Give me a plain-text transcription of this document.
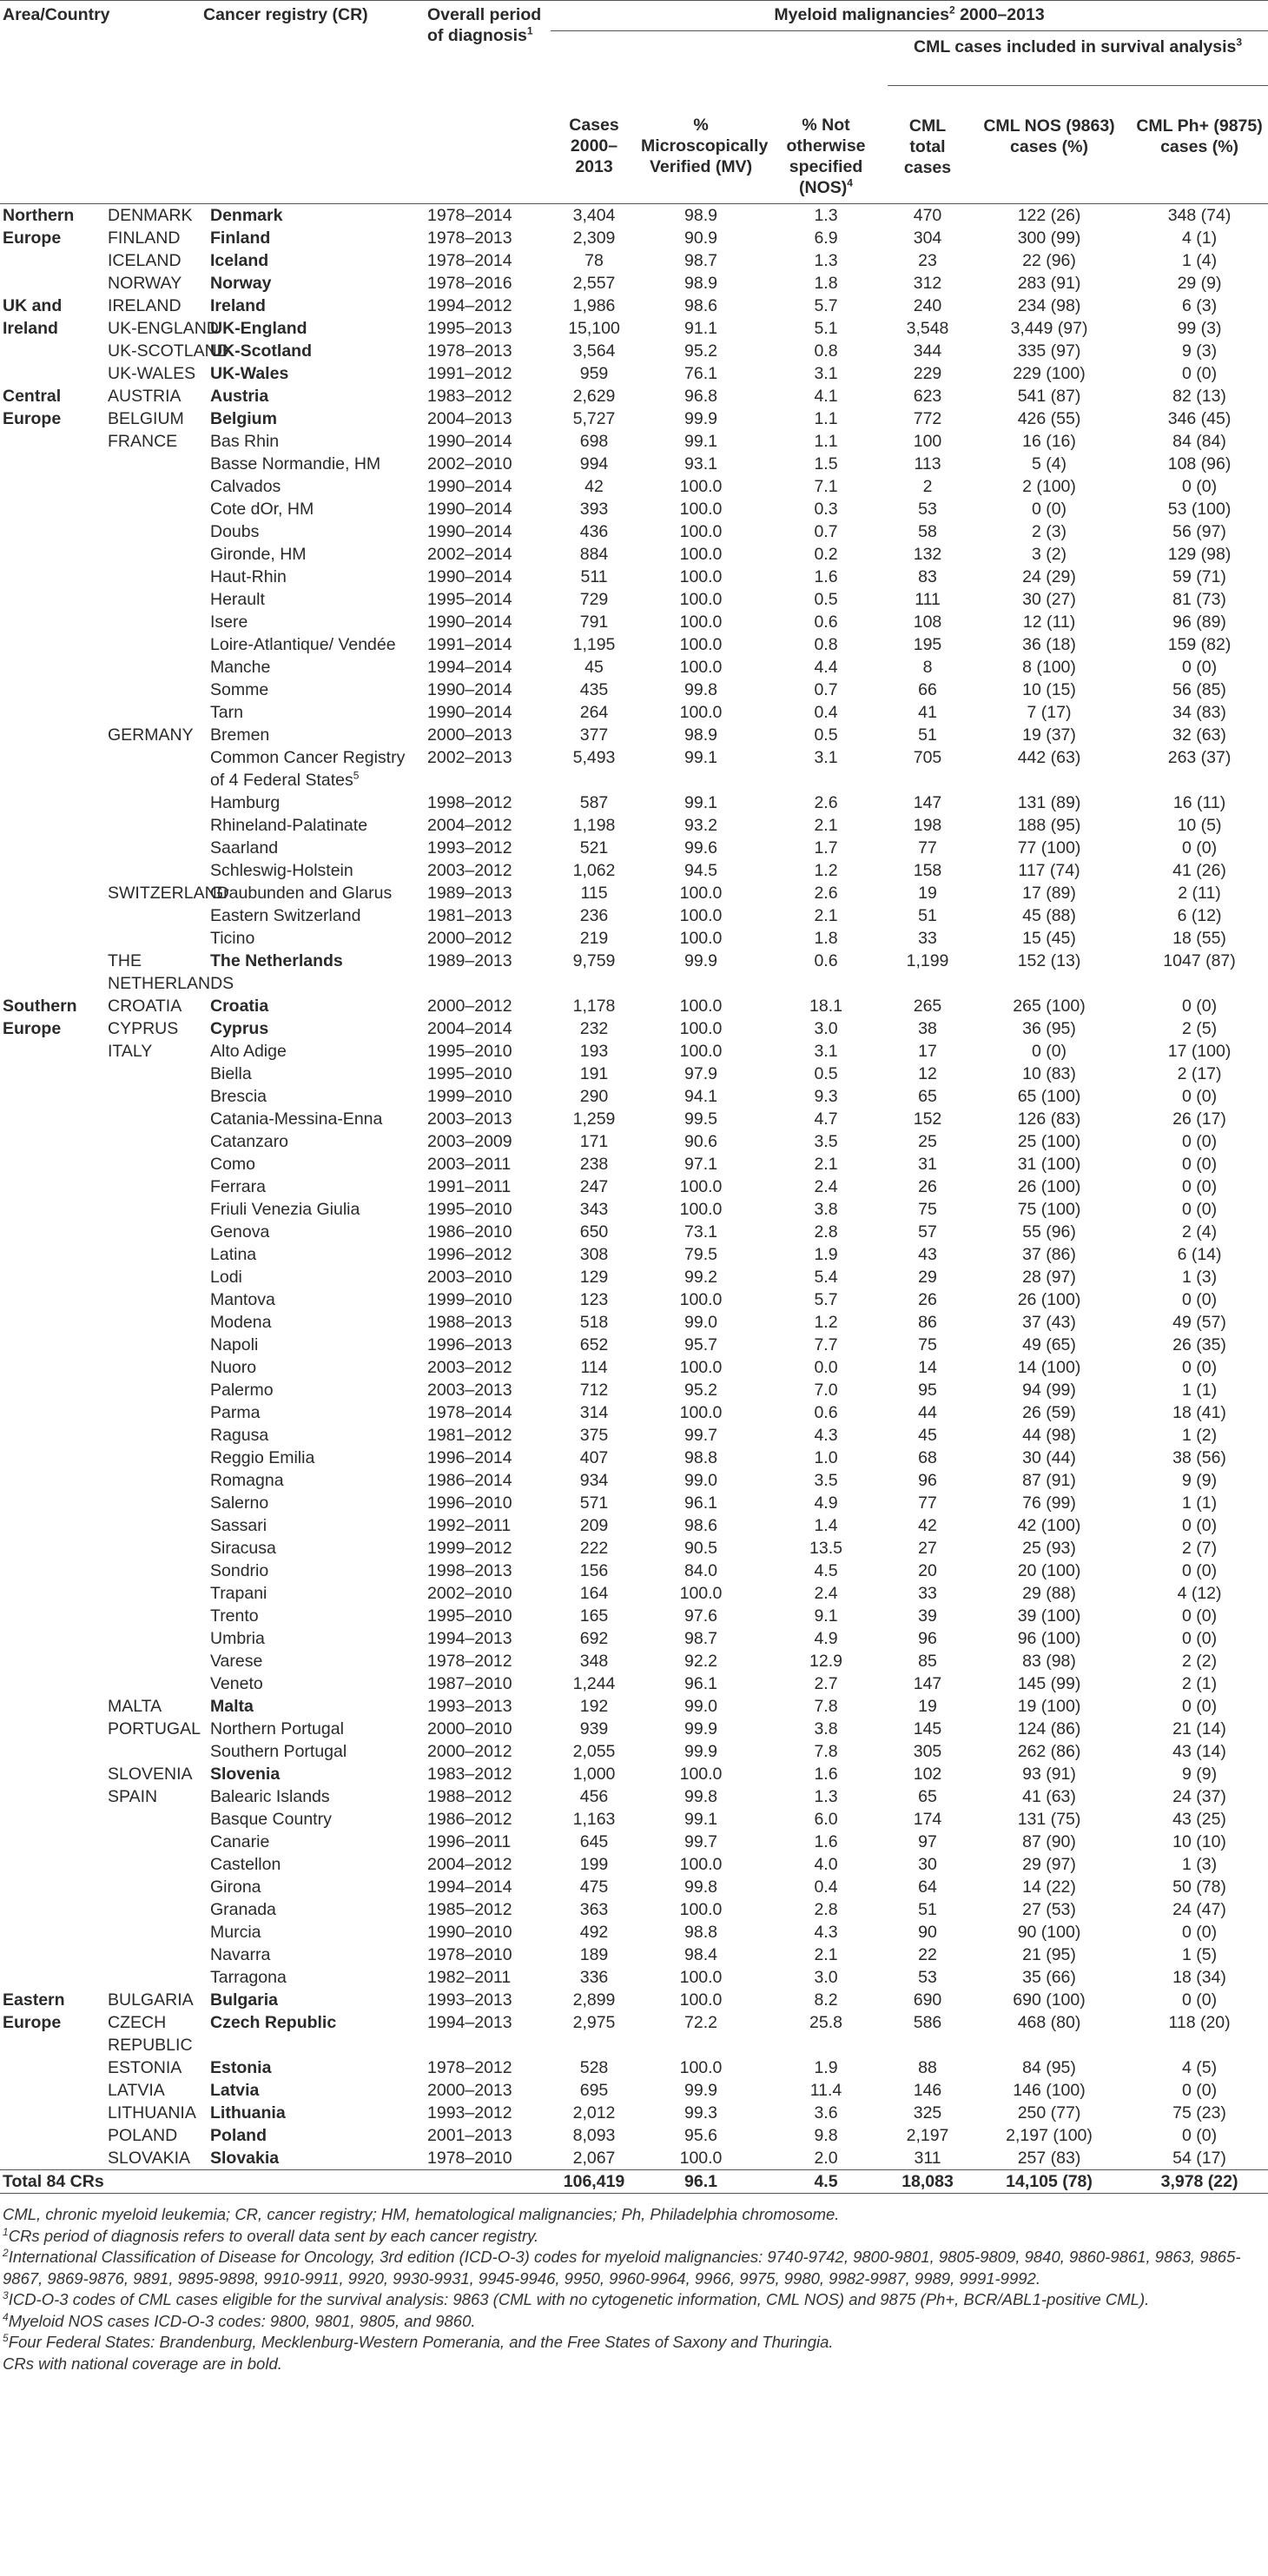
Area/Country	Cancer registry (CR)		Overall period of diagnosis$^1$	Myeloid malignancies$^2$ 2000–2013					
							CML cases included in survival analysis$^3$
				Cases 2000–2013	% Microscopically Verified (MV)	% Not otherwise specified (NOS)$^4$	CML total cases	CML NOS (9863) cases (%)	CML Ph+ (9875) cases (%)
Northern	DENMARK	Denmark	1978–2014	3,404	98.9	1.3	470	122 (26)	348 (74)
Europe	FINLAND	Finland	1978–2013	2,309	90.9	6.9	304	300 (99)	4 (1)
	ICELAND	Iceland	1978–2014	78	98.7	1.3	23	22 (96)	1 (4)
	NORWAY	Norway	1978–2016	2,557	98.9	1.8	312	283 (91)	29 (9)
UK and	IRELAND	Ireland	1994–2012	1,986	98.6	5.7	240	234 (98)	6 (3)
Ireland	UK-ENGLAND	UK-England	1995–2013	15,100	91.1	5.1	3,548	3,449 (97)	99 (3)
	UK-SCOTLAND	UK-Scotland	1978–2013	3,564	95.2	0.8	344	335 (97)	9 (3)
	UK-WALES	UK-Wales	1991–2012	959	76.1	3.1	229	229 (100)	0 (0)
Central	AUSTRIA	Austria	1983–2012	2,629	96.8	4.1	623	541 (87)	82 (13)
Europe	BELGIUM	Belgium	2004–2013	5,727	99.9	1.1	772	426 (55)	346 (45)
	FRANCE	Bas Rhin	1990–2014	698	99.1	1.1	100	16 (16)	84 (84)
		Basse Normandie, HM	2002–2010	994	93.1	1.5	113	5 (4)	108 (96)
		Calvados	1990–2014	42	100.0	7.1	2	2 (100)	0 (0)
		Cote dOr, HM	1990–2014	393	100.0	0.3	53	0 (0)	53 (100)
		Doubs	1990–2014	436	100.0	0.7	58	2 (3)	56 (97)
		Gironde, HM	2002–2014	884	100.0	0.2	132	3 (2)	129 (98)
		Haut-Rhin	1990–2014	511	100.0	1.6	83	24 (29)	59 (71)
		Herault	1995–2014	729	100.0	0.5	111	30 (27)	81 (73)
		Isere	1990–2014	791	100.0	0.6	108	12 (11)	96 (89)
		Loire-Atlantique/ Vendée	1991–2014	1,195	100.0	0.8	195	36 (18)	159 (82)
		Manche	1994–2014	45	100.0	4.4	8	8 (100)	0 (0)
		Somme	1990–2014	435	99.8	0.7	66	10 (15)	56 (85)
		Tarn	1990–2014	264	100.0	0.4	41	7 (17)	34 (83)
	GERMANY	Bremen	2000–2013	377	98.9	0.5	51	19 (37)	32 (63)
		Common Cancer Registry of 4 Federal States$^5$	2002–2013	5,493	99.1	3.1	705	442 (63)	263 (37)
		Hamburg	1998–2012	587	99.1	2.6	147	131 (89)	16 (11)
		Rhineland-Palatinate	2004–2012	1,198	93.2	2.1	198	188 (95)	10 (5)
		Saarland	1993–2012	521	99.6	1.7	77	77 (100)	0 (0)
		Schleswig-Holstein	2003–2012	1,062	94.5	1.2	158	117 (74)	41 (26)
	SWITZERLAND	Graubunden and Glarus	1989–2013	115	100.0	2.6	19	17 (89)	2 (11)
		Eastern Switzerland	1981–2013	236	100.0	2.1	51	45 (88)	6 (12)
		Ticino	2000–2012	219	100.0	1.8	33	15 (45)	18 (55)
	THE NETHERLANDS	The Netherlands	1989–2013	9,759	99.9	0.6	1,199	152 (13)	1047 (87)
Southern	CROATIA	Croatia	2000–2012	1,178	100.0	18.1	265	265 (100)	0 (0)
Europe	CYPRUS	Cyprus	2004–2014	232	100.0	3.0	38	36 (95)	2 (5)
	ITALY	Alto Adige	1995–2010	193	100.0	3.1	17	0 (0)	17 (100)
		Biella	1995–2010	191	97.9	0.5	12	10 (83)	2 (17)
		Brescia	1999–2010	290	94.1	9.3	65	65 (100)	0 (0)
		Catania-Messina-Enna	2003–2013	1,259	99.5	4.7	152	126 (83)	26 (17)
		Catanzaro	2003–2009	171	90.6	3.5	25	25 (100)	0 (0)
		Como	2003–2011	238	97.1	2.1	31	31 (100)	0 (0)
		Ferrara	1991–2011	247	100.0	2.4	26	26 (100)	0 (0)
		Friuli Venezia Giulia	1995–2010	343	100.0	3.8	75	75 (100)	0 (0)
		Genova	1986–2010	650	73.1	2.8	57	55 (96)	2 (4)
		Latina	1996–2012	308	79.5	1.9	43	37 (86)	6 (14)
		Lodi	2003–2010	129	99.2	5.4	29	28 (97)	1 (3)
		Mantova	1999–2010	123	100.0	5.7	26	26 (100)	0 (0)
		Modena	1988–2013	518	99.0	1.2	86	37 (43)	49 (57)
		Napoli	1996–2013	652	95.7	7.7	75	49 (65)	26 (35)
		Nuoro	2003–2012	114	100.0	0.0	14	14 (100)	0 (0)
		Palermo	2003–2013	712	95.2	7.0	95	94 (99)	1 (1)
		Parma	1978–2014	314	100.0	0.6	44	26 (59)	18 (41)
		Ragusa	1981–2012	375	99.7	4.3	45	44 (98)	1 (2)
		Reggio Emilia	1996–2014	407	98.8	1.0	68	30 (44)	38 (56)
		Romagna	1986–2014	934	99.0	3.5	96	87 (91)	9 (9)
		Salerno	1996–2010	571	96.1	4.9	77	76 (99)	1 (1)
		Sassari	1992–2011	209	98.6	1.4	42	42 (100)	0 (0)
		Siracusa	1999–2012	222	90.5	13.5	27	25 (93)	2 (7)
		Sondrio	1998–2013	156	84.0	4.5	20	20 (100)	0 (0)
		Trapani	2002–2010	164	100.0	2.4	33	29 (88)	4 (12)
		Trento	1995–2010	165	97.6	9.1	39	39 (100)	0 (0)
		Umbria	1994–2013	692	98.7	4.9	96	96 (100)	0 (0)
		Varese	1978–2012	348	92.2	12.9	85	83 (98)	2 (2)
		Veneto	1987–2010	1,244	96.1	2.7	147	145 (99)	2 (1)
	MALTA	Malta	1993–2013	192	99.0	7.8	19	19 (100)	0 (0)
	PORTUGAL	Northern Portugal	2000–2010	939	99.9	3.8	145	124 (86)	21 (14)
		Southern Portugal	2000–2012	2,055	99.9	7.8	305	262 (86)	43 (14)
	SLOVENIA	Slovenia	1983–2012	1,000	100.0	1.6	102	93 (91)	9 (9)
	SPAIN	Balearic Islands	1988–2012	456	99.8	1.3	65	41 (63)	24 (37)
		Basque Country	1986–2012	1,163	99.1	6.0	174	131 (75)	43 (25)
		Canarie	1996–2011	645	99.7	1.6	97	87 (90)	10 (10)
		Castellon	2004–2012	199	100.0	4.0	30	29 (97)	1 (3)
		Girona	1994–2014	475	99.8	0.4	64	14 (22)	50 (78)
		Granada	1985–2012	363	100.0	2.8	51	27 (53)	24 (47)
		Murcia	1990–2010	492	98.8	4.3	90	90 (100)	0 (0)
		Navarra	1978–2010	189	98.4	2.1	22	21 (95)	1 (5)
		Tarragona	1982–2011	336	100.0	3.0	53	35 (66)	18 (34)
Eastern	BULGARIA	Bulgaria	1993–2013	2,899	100.0	8.2	690	690 (100)	0 (0)
Europe	CZECH REPUBLIC	Czech Republic	1994–2013	2,975	72.2	25.8	586	468 (80)	118 (20)
	ESTONIA	Estonia	1978–2012	528	100.0	1.9	88	84 (95)	4 (5)
	LATVIA	Latvia	2000–2013	695	99.9	11.4	146	146 (100)	0 (0)
	LITHUANIA	Lithuania	1993–2012	2,012	99.3	3.6	325	250 (77)	75 (23)
	POLAND	Poland	2001–2013	8,093	95.6	9.8	2,197	2,197 (100)	0 (0)
	SLOVAKIA	Slovakia	1978–2010	2,067	100.0	2.0	311	257 (83)	54 (17)
Total 84 CRs				106,419	96.1	4.5	18,083	14,105 (78)	3,978 (22)
CML, chronic myeloid leukemia; CR, cancer registry; HM, hematological malignancies; Ph, Philadelphia chromosome.
$^1$CRs period of diagnosis refers to overall data sent by each cancer registry.
$^2$International Classification of Disease for Oncology, 3rd edition (ICD-O-3) codes for myeloid malignancies: 9740-9742, 9800-9801, 9805-9809, 9840, 9860-9861, 9863, 9865-9867, 9869-9876, 9891, 9895-9898, 9910-9911, 9920, 9930-9931, 9945-9946, 9950, 9960-9964, 9966, 9975, 9980, 9982-9987, 9989, 9991-9992.
$^3$ICD-O-3 codes of CML cases eligible for the survival analysis: 9863 (CML with no cytogenetic information, CML NOS) and 9875 (Ph+, BCR/ABL1-positive CML).
$^4$Myeloid NOS cases ICD-O-3 codes: 9800, 9801, 9805, and 9860.
$^5$Four Federal States: Brandenburg, Mecklenburg-Western Pomerania, and the Free States of Saxony and Thuringia.
CRs with national coverage are in bold.
